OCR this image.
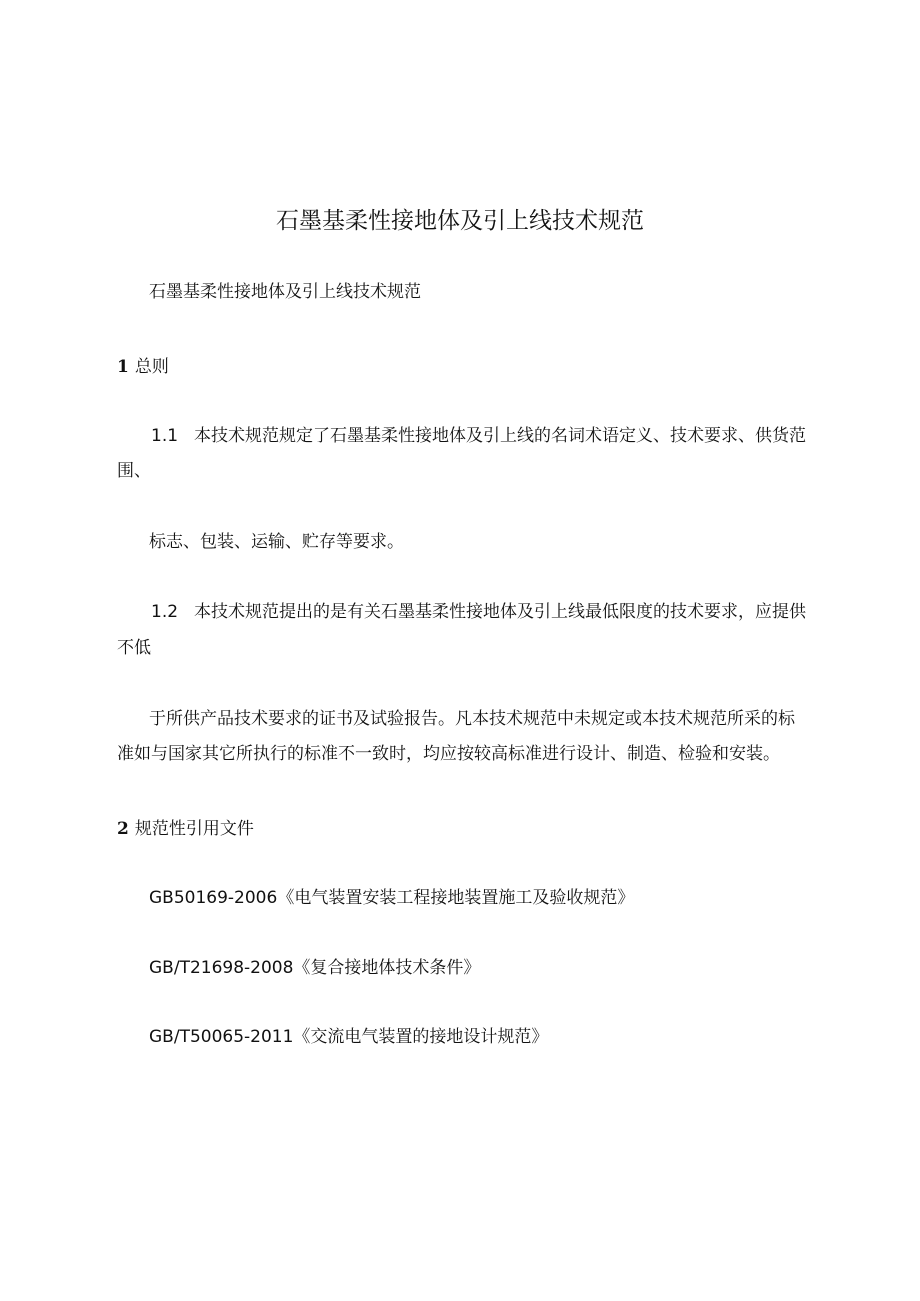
石墨基柔性接地体及引上线技术规范
石墨基柔性接地体及引上线技术规范
1 总则
1.1 本技术规范规定了石墨基柔性接地体及引上线的名词术语定义、技术要求、供货范
围、
标志、包装、运输、贮存等要求。
1.2 本技术规范提出的是有关石墨基柔性接地体及引上线最低限度的技术要求，应提供
不低
于所供产品技术要求的证书及试验报告。凡本技术规范中未规定或本技术规范所采的标
准如与国家其它所执行的标准不一致时，均应按较高标准进行设计、制造、检验和安装。
2 规范性引用文件
GB50169-2006《电气装置安装工程接地装置施工及验收规范》
GB/T21698-2008《复合接地体技术条件》
GB/T50065-2011《交流电气装置的接地设计规范》
